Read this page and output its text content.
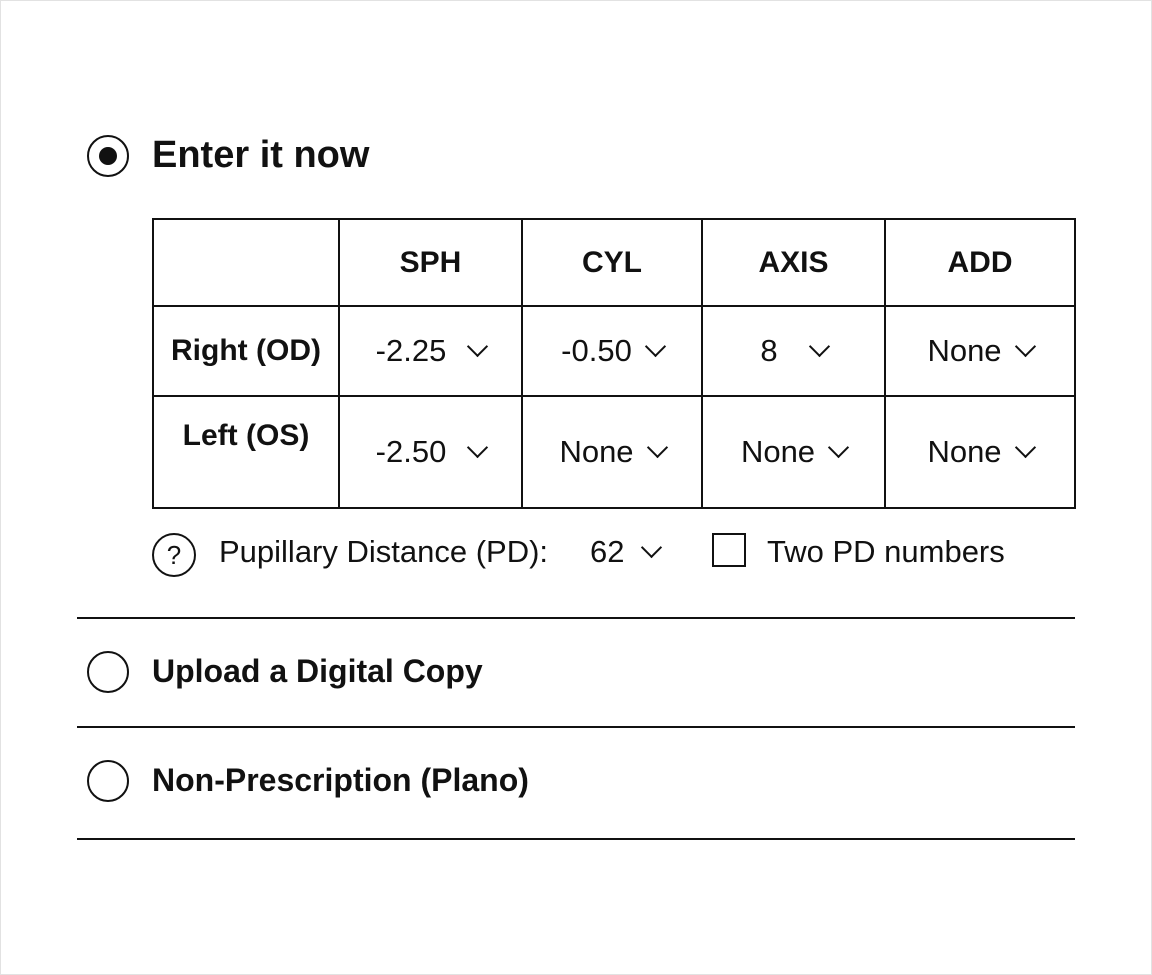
Enter it now
	SPH	CYL	AXIS	ADD
Right (OD)	-2.25	-0.50	8	None

Left (OS)	-2.50	None	None	None
?	Pupillary Distance (PD): 62	Two PD numbers
Upload a Digital Copy
Non-Prescription (Plano)
